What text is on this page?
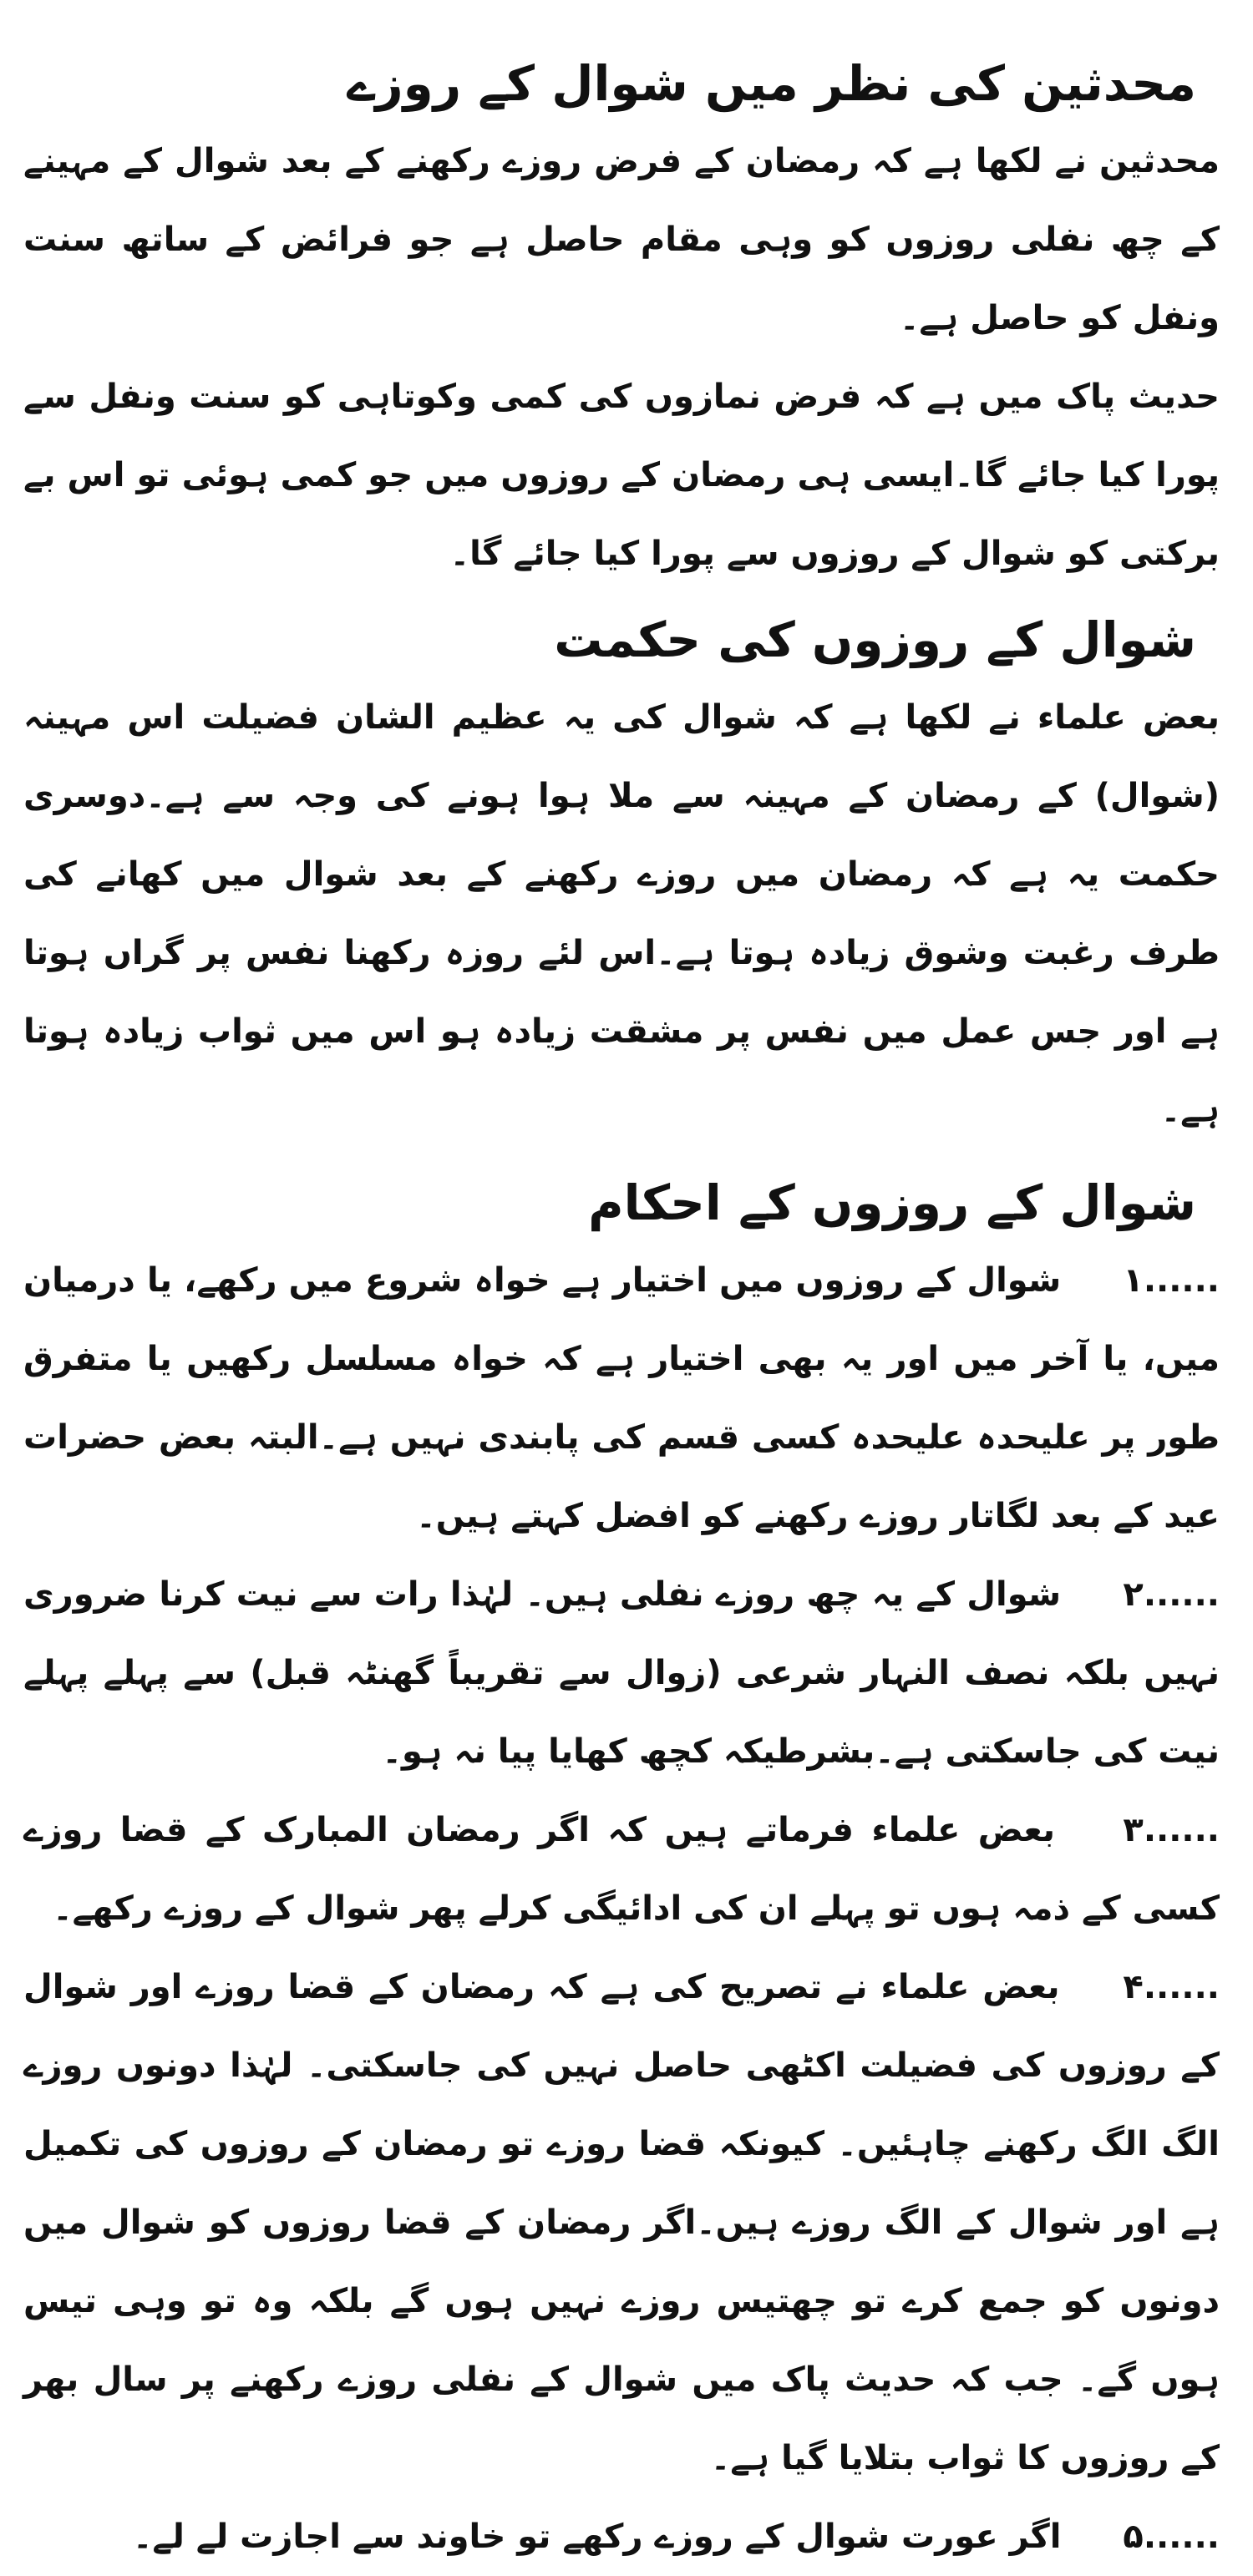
محدثین کی نظر میں شوال کے روزے

محدثین نے لکھا ہے کہ رمضان کے فرض روزے رکھنے کے بعد شوال کے مہینے کے چھ نفلی روزوں کو وہی مقام حاصل ہے جو فرائض کے ساتھ سنت ونفل کو حاصل ہے۔

حدیث پاک میں ہے کہ فرض نمازوں کی کمی وکوتاہی کو سنت ونفل سے پورا کیا جائے گا۔ایسی ہی رمضان کے روزوں میں جو کمی ہوئی تو اس بے برکتی کو شوال کے روزوں سے پورا کیا جائے گا۔

شوال کے روزوں کی حکمت

بعض علماء نے لکھا ہے کہ شوال کی یہ عظیم الشان فضیلت اس مہینہ (شوال) کے رمضان کے مہینہ سے ملا ہوا ہونے کی وجہ سے ہے۔دوسری حکمت یہ ہے کہ رمضان میں روزے رکھنے کے بعد شوال میں کھانے کی طرف رغبت وشوق زیادہ ہوتا ہے۔اس لئے روزہ رکھنا نفس پر گراں ہوتا ہے اور جس عمل میں نفس پر مشقت زیادہ ہو اس میں ثواب زیادہ ہوتا ہے۔

شوال کے روزوں کے احکام
۱...... شوال کے روزوں میں اختیار ہے خواہ شروع میں رکھے، یا درمیان میں، یا آخر میں اور یہ بھی اختیار ہے کہ خواہ مسلسل رکھیں یا متفرق طور پر علیحدہ علیحدہ کسی قسم کی پابندی نہیں ہے۔البتہ بعض حضرات عید کے بعد لگاتار روزے رکھنے کو افضل کہتے ہیں۔
۲...... شوال کے یہ چھ روزے نفلی ہیں۔ لہٰذا رات سے نیت کرنا ضروری نہیں بلکہ نصف النہار شرعی (زوال سے تقریباً گھنٹہ قبل) سے پہلے پہلے نیت کی جاسکتی ہے۔بشرطیکہ کچھ کھایا پیا نہ ہو۔
۳...... بعض علماء فرماتے ہیں کہ اگر رمضان المبارک کے قضا روزے کسی کے ذمہ ہوں تو پہلے ان کی ادائیگی کرلے پھر شوال کے روزے رکھے۔
۴...... بعض علماء نے تصریح کی ہے کہ رمضان کے قضا روزے اور شوال کے روزوں کی فضیلت اکٹھی حاصل نہیں کی جاسکتی۔ لہٰذا دونوں روزے الگ الگ رکھنے چاہئیں۔ کیونکہ قضا روزے تو رمضان کے روزوں کی تکمیل ہے اور شوال کے الگ روزے ہیں۔اگر رمضان کے قضا روزوں کو شوال میں دونوں کو جمع کرے تو چھتیس روزے نہیں ہوں گے بلکہ وہ تو وہی تیس ہوں گے۔ جب کہ حدیث پاک میں شوال کے نفلی روزے رکھنے پر سال بھر کے روزوں کا ثواب بتلایا گیا ہے۔
۵...... اگر عورت شوال کے روزے رکھے تو خاوند سے اجازت لے لے۔
